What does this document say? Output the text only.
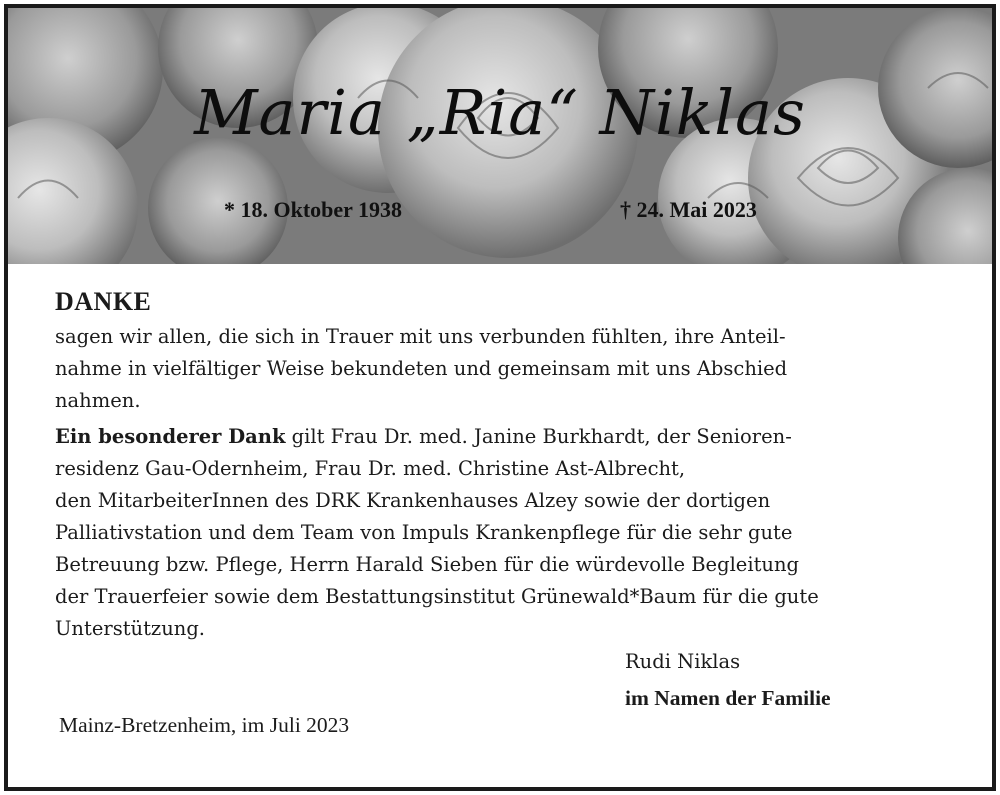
Maria „Ria“ Niklas
* 18. Oktober 1938	† 24. Mai 2023
DANKE

sagen wir allen, die sich in Trauer mit uns verbunden fühlten, ihre Anteil-
nahme in vielfältiger Weise bekundeten und gemeinsam mit uns Abschied
nahmen.

Ein besonderer Dank gilt Frau Dr. med. Janine Burkhardt, der Senioren-
residenz Gau-Odernheim, Frau Dr. med. Christine Ast-Albrecht,
den MitarbeiterInnen des DRK Krankenhauses Alzey sowie der dortigen
Palliativstation und dem Team von Impuls Krankenpflege für die sehr gute
Betreuung bzw. Pflege, Herrn Harald Sieben für die würdevolle Begleitung
der Trauerfeier sowie dem Bestattungsinstitut Grünewald*Baum für die gute
Unterstützung.

Rudi Niklas
im Namen der Familie
Mainz-Bretzenheim, im Juli 2023
